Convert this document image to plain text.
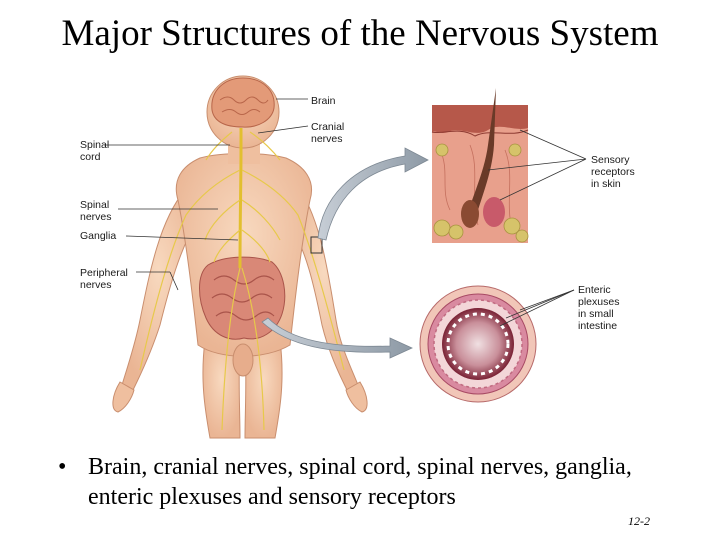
Major Structures of the Nervous System
Brain
Cranial nerves
Spinal cord
Spinal nerves
Ganglia
Peripheral nerves
Sensory receptors in skin
Enteric plexuses in small intestine
• Brain, cranial nerves, spinal cord, spinal nerves, ganglia, enteric plexuses and sensory receptors
12-2
